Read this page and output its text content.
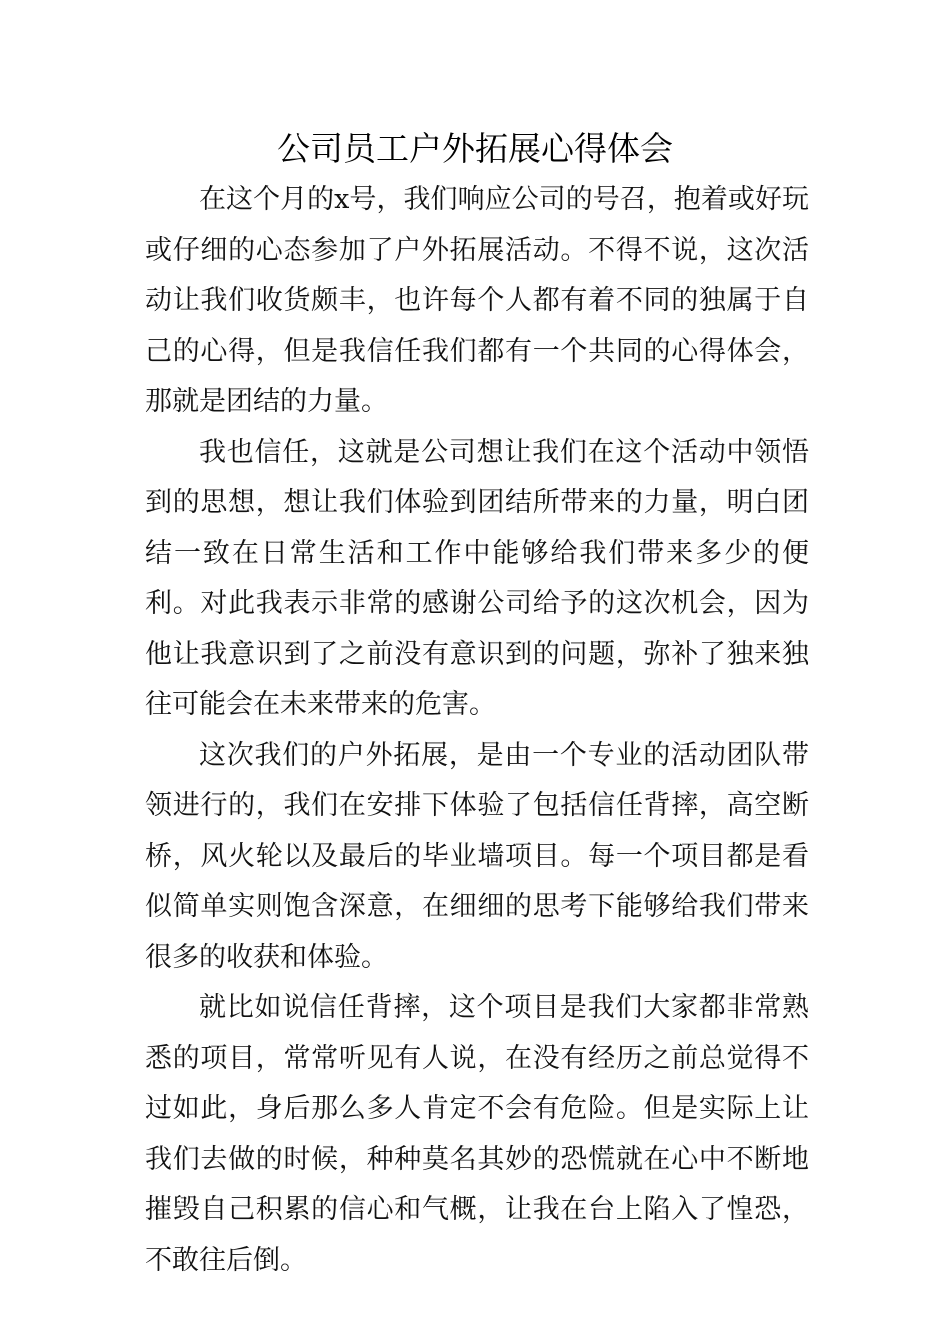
公司员工户外拓展心得体会

在这个月的x号，我们响应公司的号召，抱着或好玩或仔细的心态参加了户外拓展活动。不得不说，这次活动让我们收货颇丰，也许每个人都有着不同的独属于自己的心得，但是我信任我们都有一个共同的心得体会，那就是团结的力量。

我也信任，这就是公司想让我们在这个活动中领悟到的思想，想让我们体验到团结所带来的力量，明白团结一致在日常生活和工作中能够给我们带来多少的便利。对此我表示非常的感谢公司给予的这次机会，因为他让我意识到了之前没有意识到的问题，弥补了独来独往可能会在未来带来的危害。

这次我们的户外拓展，是由一个专业的活动团队带领进行的，我们在安排下体验了包括信任背摔，高空断桥，风火轮以及最后的毕业墙项目。每一个项目都是看似简单实则饱含深意，在细细的思考下能够给我们带来很多的收获和体验。

就比如说信任背摔，这个项目是我们大家都非常熟悉的项目，常常听见有人说，在没有经历之前总觉得不过如此，身后那么多人肯定不会有危险。但是实际上让我们去做的时候，种种莫名其妙的恐慌就在心中不断地摧毁自己积累的信心和气概，让我在台上陷入了惶恐，不敢往后倒。
